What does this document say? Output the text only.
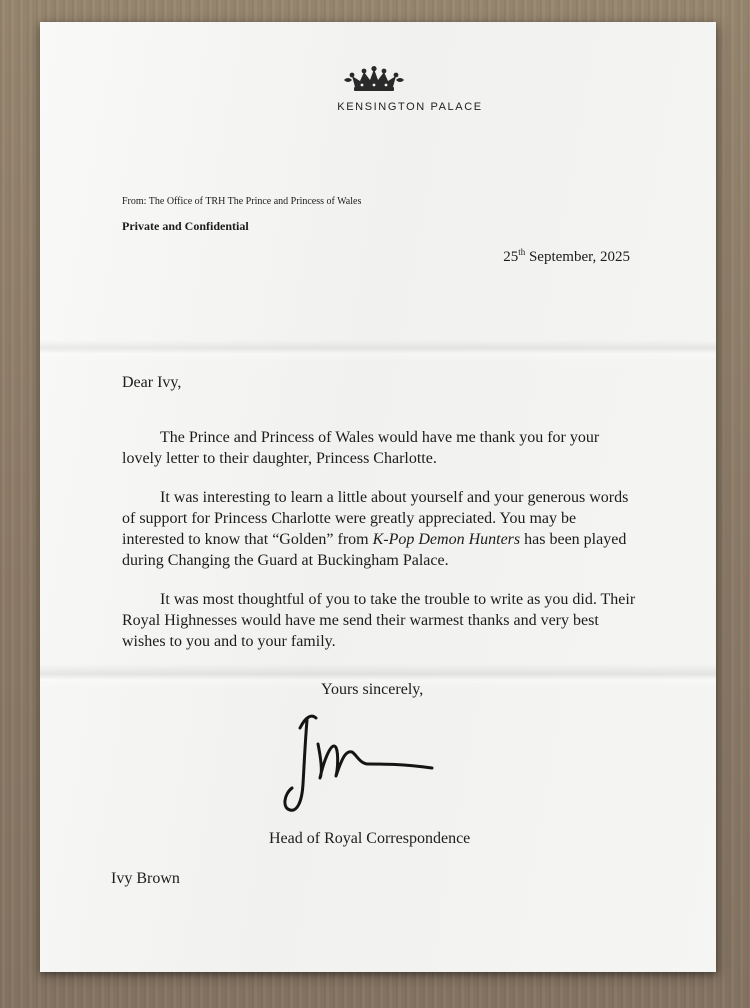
KENSINGTON PALACE
From: The Office of TRH The Prince and Princess of Wales
Private and Confidential
25th September, 2025
Dear Ivy,

The Prince and Princess of Wales would have me thank you for your lovely letter to their daughter, Princess Charlotte.

It was interesting to learn a little about yourself and your generous words of support for Princess Charlotte were greatly appreciated. You may be interested to know that “Golden” from K-Pop Demon Hunters has been played during Changing the Guard at Buckingham Palace.

It was most thoughtful of you to take the trouble to write as you did. Their Royal Highnesses would have me send their warmest thanks and very best wishes to you and to your family.

Yours sincerely,
Head of Royal Correspondence
Ivy Brown
